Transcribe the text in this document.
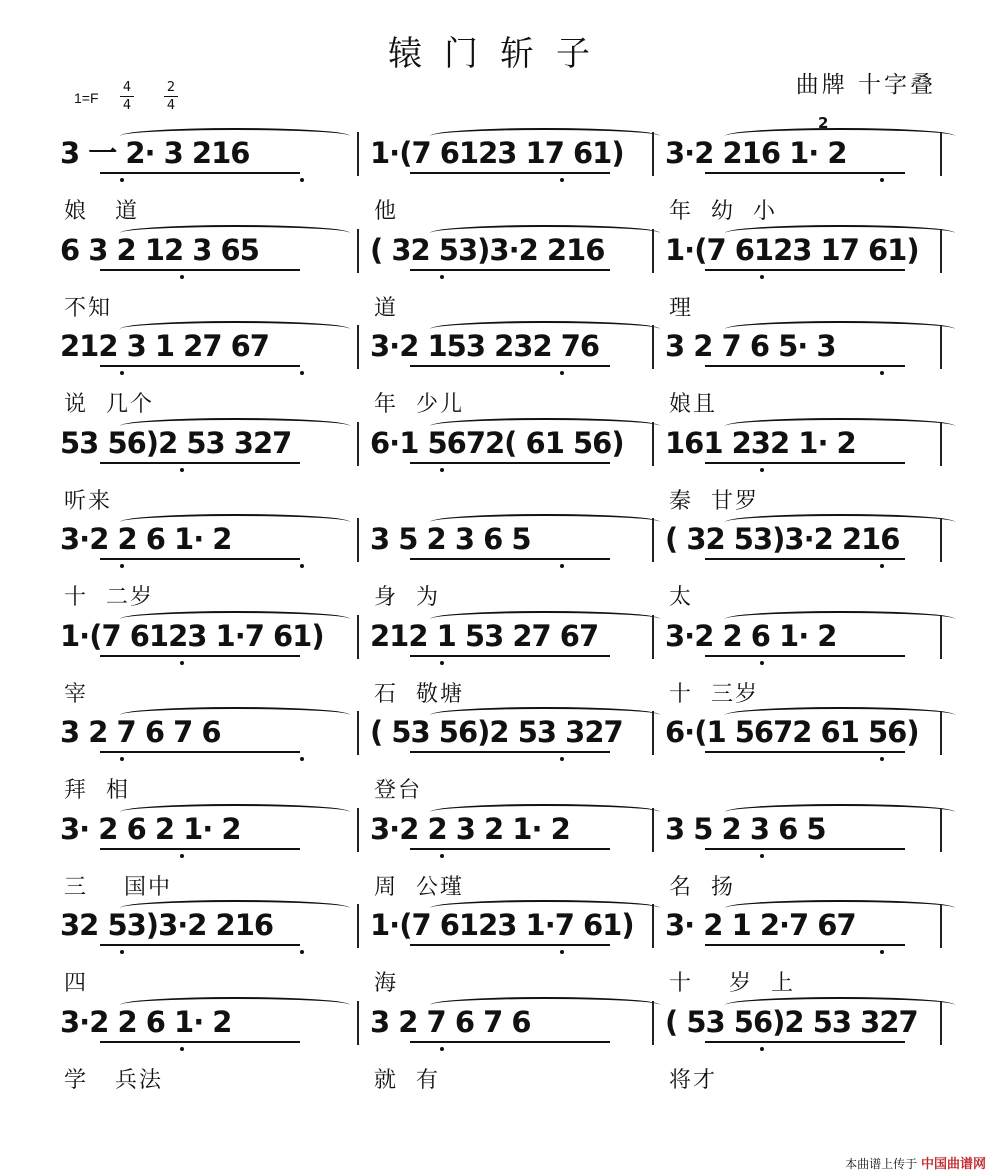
辕门斩子
曲牌 十字叠
1=F
4
4
2
4
2
3 一 2· 3 216	1·(7 6123 17 61) 3·2 216 1· 2
娘   道	他	年  幼  小
6 3 2 12 3 65	( 32 53)3·2 216 1·(7 6123 17 61)
不知	道	理
212 3 1 27 67	3·2 153 232 76 3 2 7 6 5· 3
说  几个	年  少儿	娘且
53 56)2 53 327	6·1 5672( 61 56) 161 232 1· 2
听来	秦  甘罗
3·2 2 6 1· 2	3 5 2 3 6 5	( 32 53)3·2 216
十  二岁	身  为	太
1·(7 6123 1·7 61) 212 1 53 27 67 3·2 2 6 1· 2
宰	石  敬塘	十  三岁
3 2 7 6 7 6	( 53 56)2 53 327 6·(1 5672 61 56)
拜  相	登台
3· 2 6 2 1· 2	3·2 2 3 2 1· 2	3 5 2 3 6 5
三    国中	周  公瑾	名  扬
32 53)3·2 216	1·(7 6123 1·7 61) 3· 2 1 2·7 67
四	海	十    岁  上
3·2 2 6 1· 2	3 2 7 6 7 6	( 53 56)2 53 327
学   兵法	就  有	将才
本曲谱上传于 中国曲谱网
